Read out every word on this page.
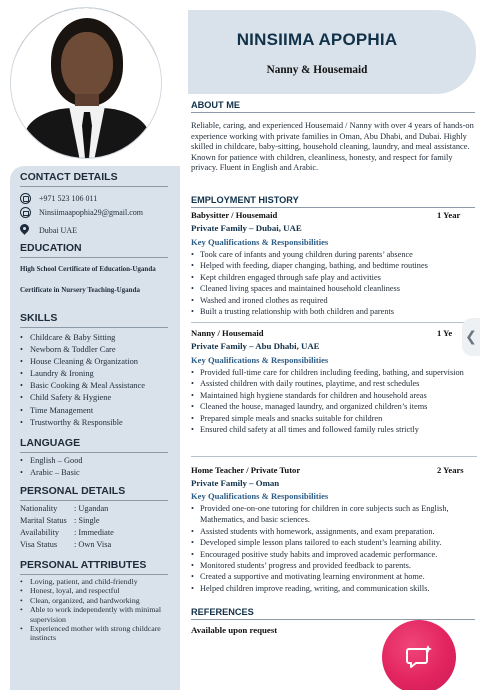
CONTACT DETAILS
+971 523 106 011
Ninsiimaapophia29@gmail.com
Dubai UAE
EDUCATION
High School Certificate of Education-Uganda
Certificate in Nursery Teaching-Uganda
SKILLS
• Childcare & Baby Sitting
• Newborn & Toddler Care
• House Cleaning & Organization
• Laundry & Ironing
• Basic Cooking & Meal Assistance
• Child Safety & Hygiene
• Time Management
• Trustworthy & Responsible
LANGUAGE
• English – Good
• Arabic – Basic
PERSONAL DETAILS
Nationality	: Ugandan
Marital Status : Single
Availability	: Immediate
Visa Status	: Own Visa
PERSONAL ATTRIBUTES
• Loving, patient, and child-friendly
• Honest, loyal, and respectful
• Clean, organized, and hardworking
• Able to work independently with minimal supervision
• Experienced mother with strong childcare instincts
NINSIIMA APOPHIA
Nanny & Housemaid
ABOUT ME
Reliable, caring, and experienced Housemaid / Nanny with over 4 years of hands-on experience working with private families in Oman, Abu Dhabi, and Dubai. Highly skilled in childcare, baby-sitting, household cleaning, laundry, and meal assistance. Known for patience with children, cleanliness, honesty, and respect for family privacy. Fluent in English and Arabic.
EMPLOYMENT HISTORY
Babysitter / Housemaid	1 Year
Private Family – Dubai, UAE
Key Qualifications & Responsibilities
• Took care of infants and young children during parents’ absence
• Helped with feeding, diaper changing, bathing, and bedtime routines
• Kept children engaged through safe play and activities
• Cleaned living spaces and maintained household cleanliness
• Washed and ironed clothes as required
• Built a trusting relationship with both children and parents
Nanny / Housemaid	1 Ye
Private Family – Abu Dhabi, UAE
Key Qualifications & Responsibilities
• Provided full-time care for children including feeding, bathing, and supervision
• Assisted children with daily routines, playtime, and rest schedules
• Maintained high hygiene standards for children and household areas
• Cleaned the house, managed laundry, and organized children’s items
• Prepared simple meals and snacks suitable for children
• Ensured child safety at all times and followed family rules strictly
Home Teacher / Private Tutor	2 Years
Private Family – Oman
Key Qualifications & Responsibilities
• Provided one-on-one tutoring for children in core subjects such as English, Mathematics, and basic sciences.
• Assisted students with homework, assignments, and exam preparation.
• Developed simple lesson plans tailored to each student’s learning ability.
• Encouraged positive study habits and improved academic performance.
• Monitored students’ progress and provided feedback to parents.
• Created a supportive and motivating learning environment at home.
• Helped children improve reading, writing, and communication skills.
REFERENCES
Available upon request
❮
